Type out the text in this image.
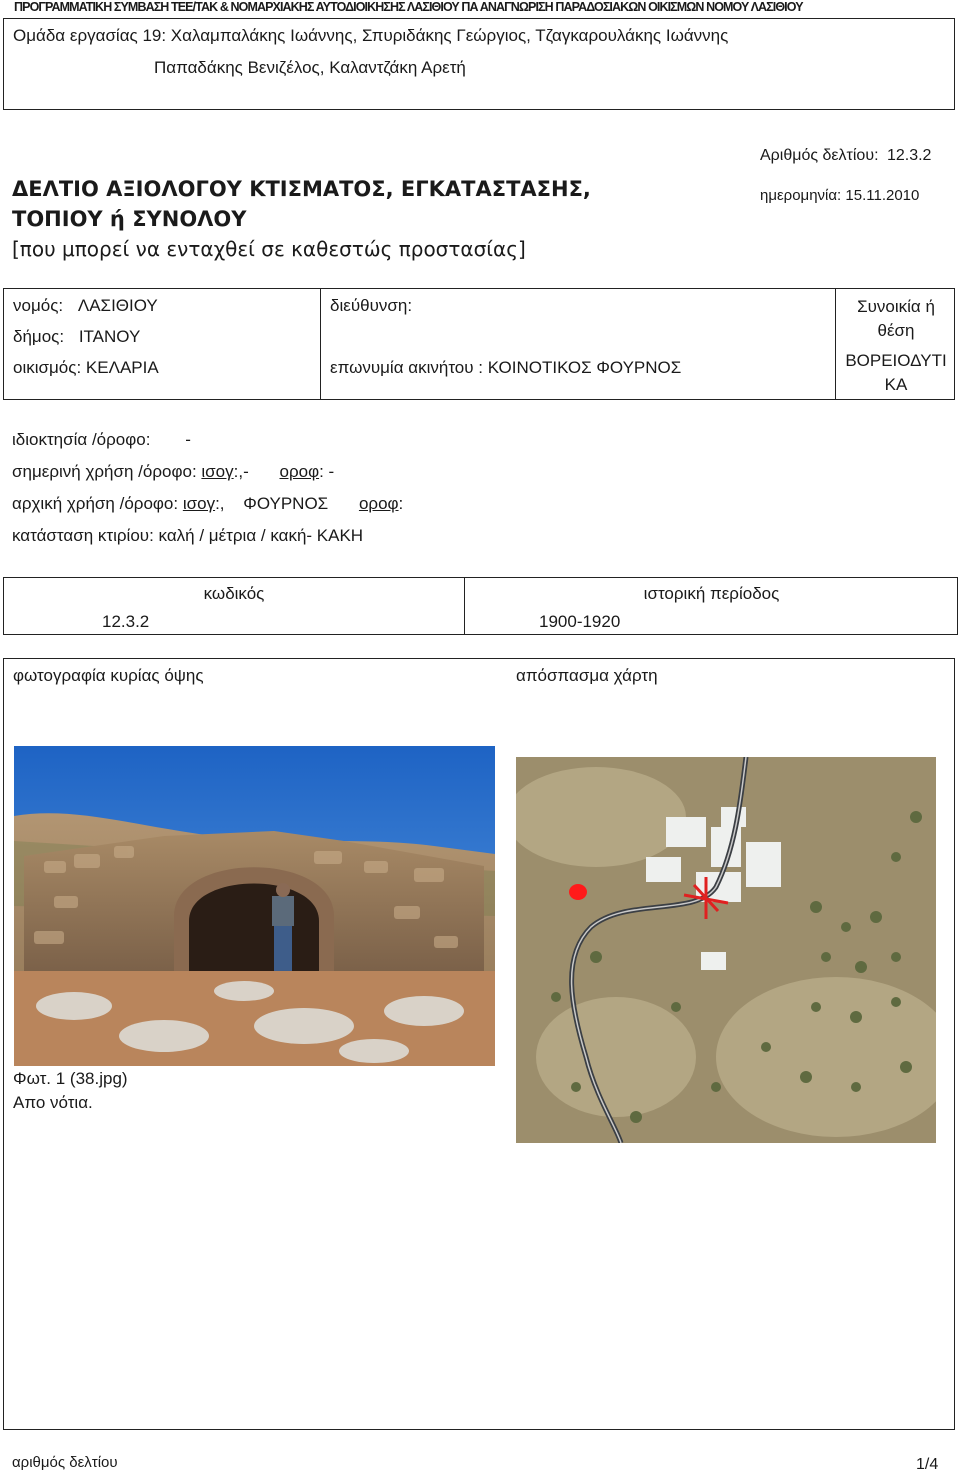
ΠΡΟΓΡΑΜΜΑΤΙΚΗ ΣΥΜΒΑΣΗ ΤΕΕ/ΤΑΚ & ΝΟΜΑΡΧΙΑΚΗΣ ΑΥΤΟΔΙΟΙΚΗΣΗΣ ΛΑΣΙΘΙΟΥ ΠΑ ΑΝΑΓΝΩΡΙΣΗ ΠΑΡΑΔΟΣΙΑΚΩΝ ΟΙΚΙΣΜΩΝ ΝΟΜΟΥ ΛΑΣΙΘΙΟΥ
Ομάδα εργασίας 19: Χαλαμπαλάκης Ιωάννης, Σπυριδάκης Γεώργιος, Τζαγκαρουλάκης Ιωάννης
Παπαδάκης Βενιζέλος, Καλαντζάκη Αρετή
ΔΕΛΤΙΟ ΑΞΙΟΛΟΓΟΥ ΚΤΙΣΜΑΤΟΣ, ΕΓΚΑΤΑΣΤΑΣΗΣ,
ΤΟΠΙΟΥ ή ΣΥΝΟΛΟΥ
[που μπορεί να ενταχθεί σε καθεστώς προστασίας]
Αριθμός δελτίου: 12.3.2
ημερομηνία: 15.11.2010
νομός: ΛΑΣΙΘΙΟΥ
δήμος: ΙΤΑΝΟΥ
οικισμός: ΚΕΛΑΡΙΑ
διεύθυνση:
επωνυμία ακινήτου : ΚΟΙΝΟΤΙΚΟΣ ΦΟΥΡΝΟΣ
Συνοικία ή
θέση
ΒΟΡΕΙΟΔΥΤΙ
ΚΑ
ιδιοκτησία /όροφο: -
σημερινή χρήση /όροφο: ισογ:,- οροφ: -
αρχική χρήση /όροφο: ισογ:, ΦΟΥΡΝΟΣ οροφ:
κατάσταση κτιρίου: καλή / μέτρια / κακή- ΚΑΚΗ
κωδικός
12.3.2
ιστορική περίοδος
1900-1920
φωτογραφία κυρίας όψης	απόσπασμα χάρτη
Φωτ. 1 (38.jpg)
Απο νότια.
αριθμός δελτίου	1/4
